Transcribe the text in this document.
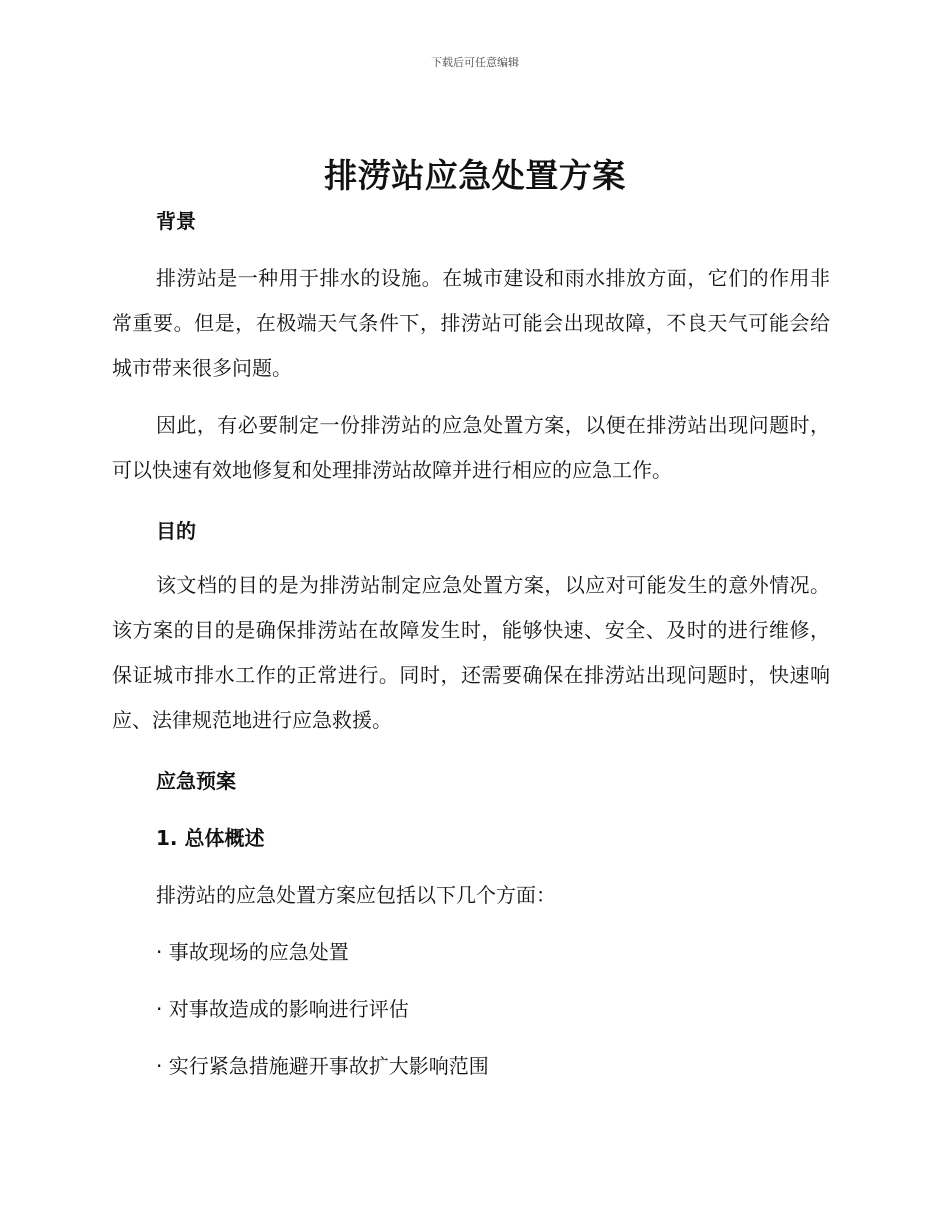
下载后可任意编辑
排涝站应急处置方案
背景

排涝站是一种用于排水的设施。在城市建设和雨水排放方面，它们的作用非常重要。但是，在极端天气条件下，排涝站可能会出现故障，不良天气可能会给城市带来很多问题。

因此，有必要制定一份排涝站的应急处置方案，以便在排涝站出现问题时，可以快速有效地修复和处理排涝站故障并进行相应的应急工作。

目的

该文档的目的是为排涝站制定应急处置方案，以应对可能发生的意外情况。该方案的目的是确保排涝站在故障发生时，能够快速、安全、及时的进行维修，保证城市排水工作的正常进行。同时，还需要确保在排涝站出现问题时，快速响应、法律规范地进行应急救援。

应急预案
1. 总体概述

排涝站的应急处置方案应包括以下几个方面：

· 事故现场的应急处置

· 对事故造成的影响进行评估

· 实行紧急措施避开事故扩大影响范围
